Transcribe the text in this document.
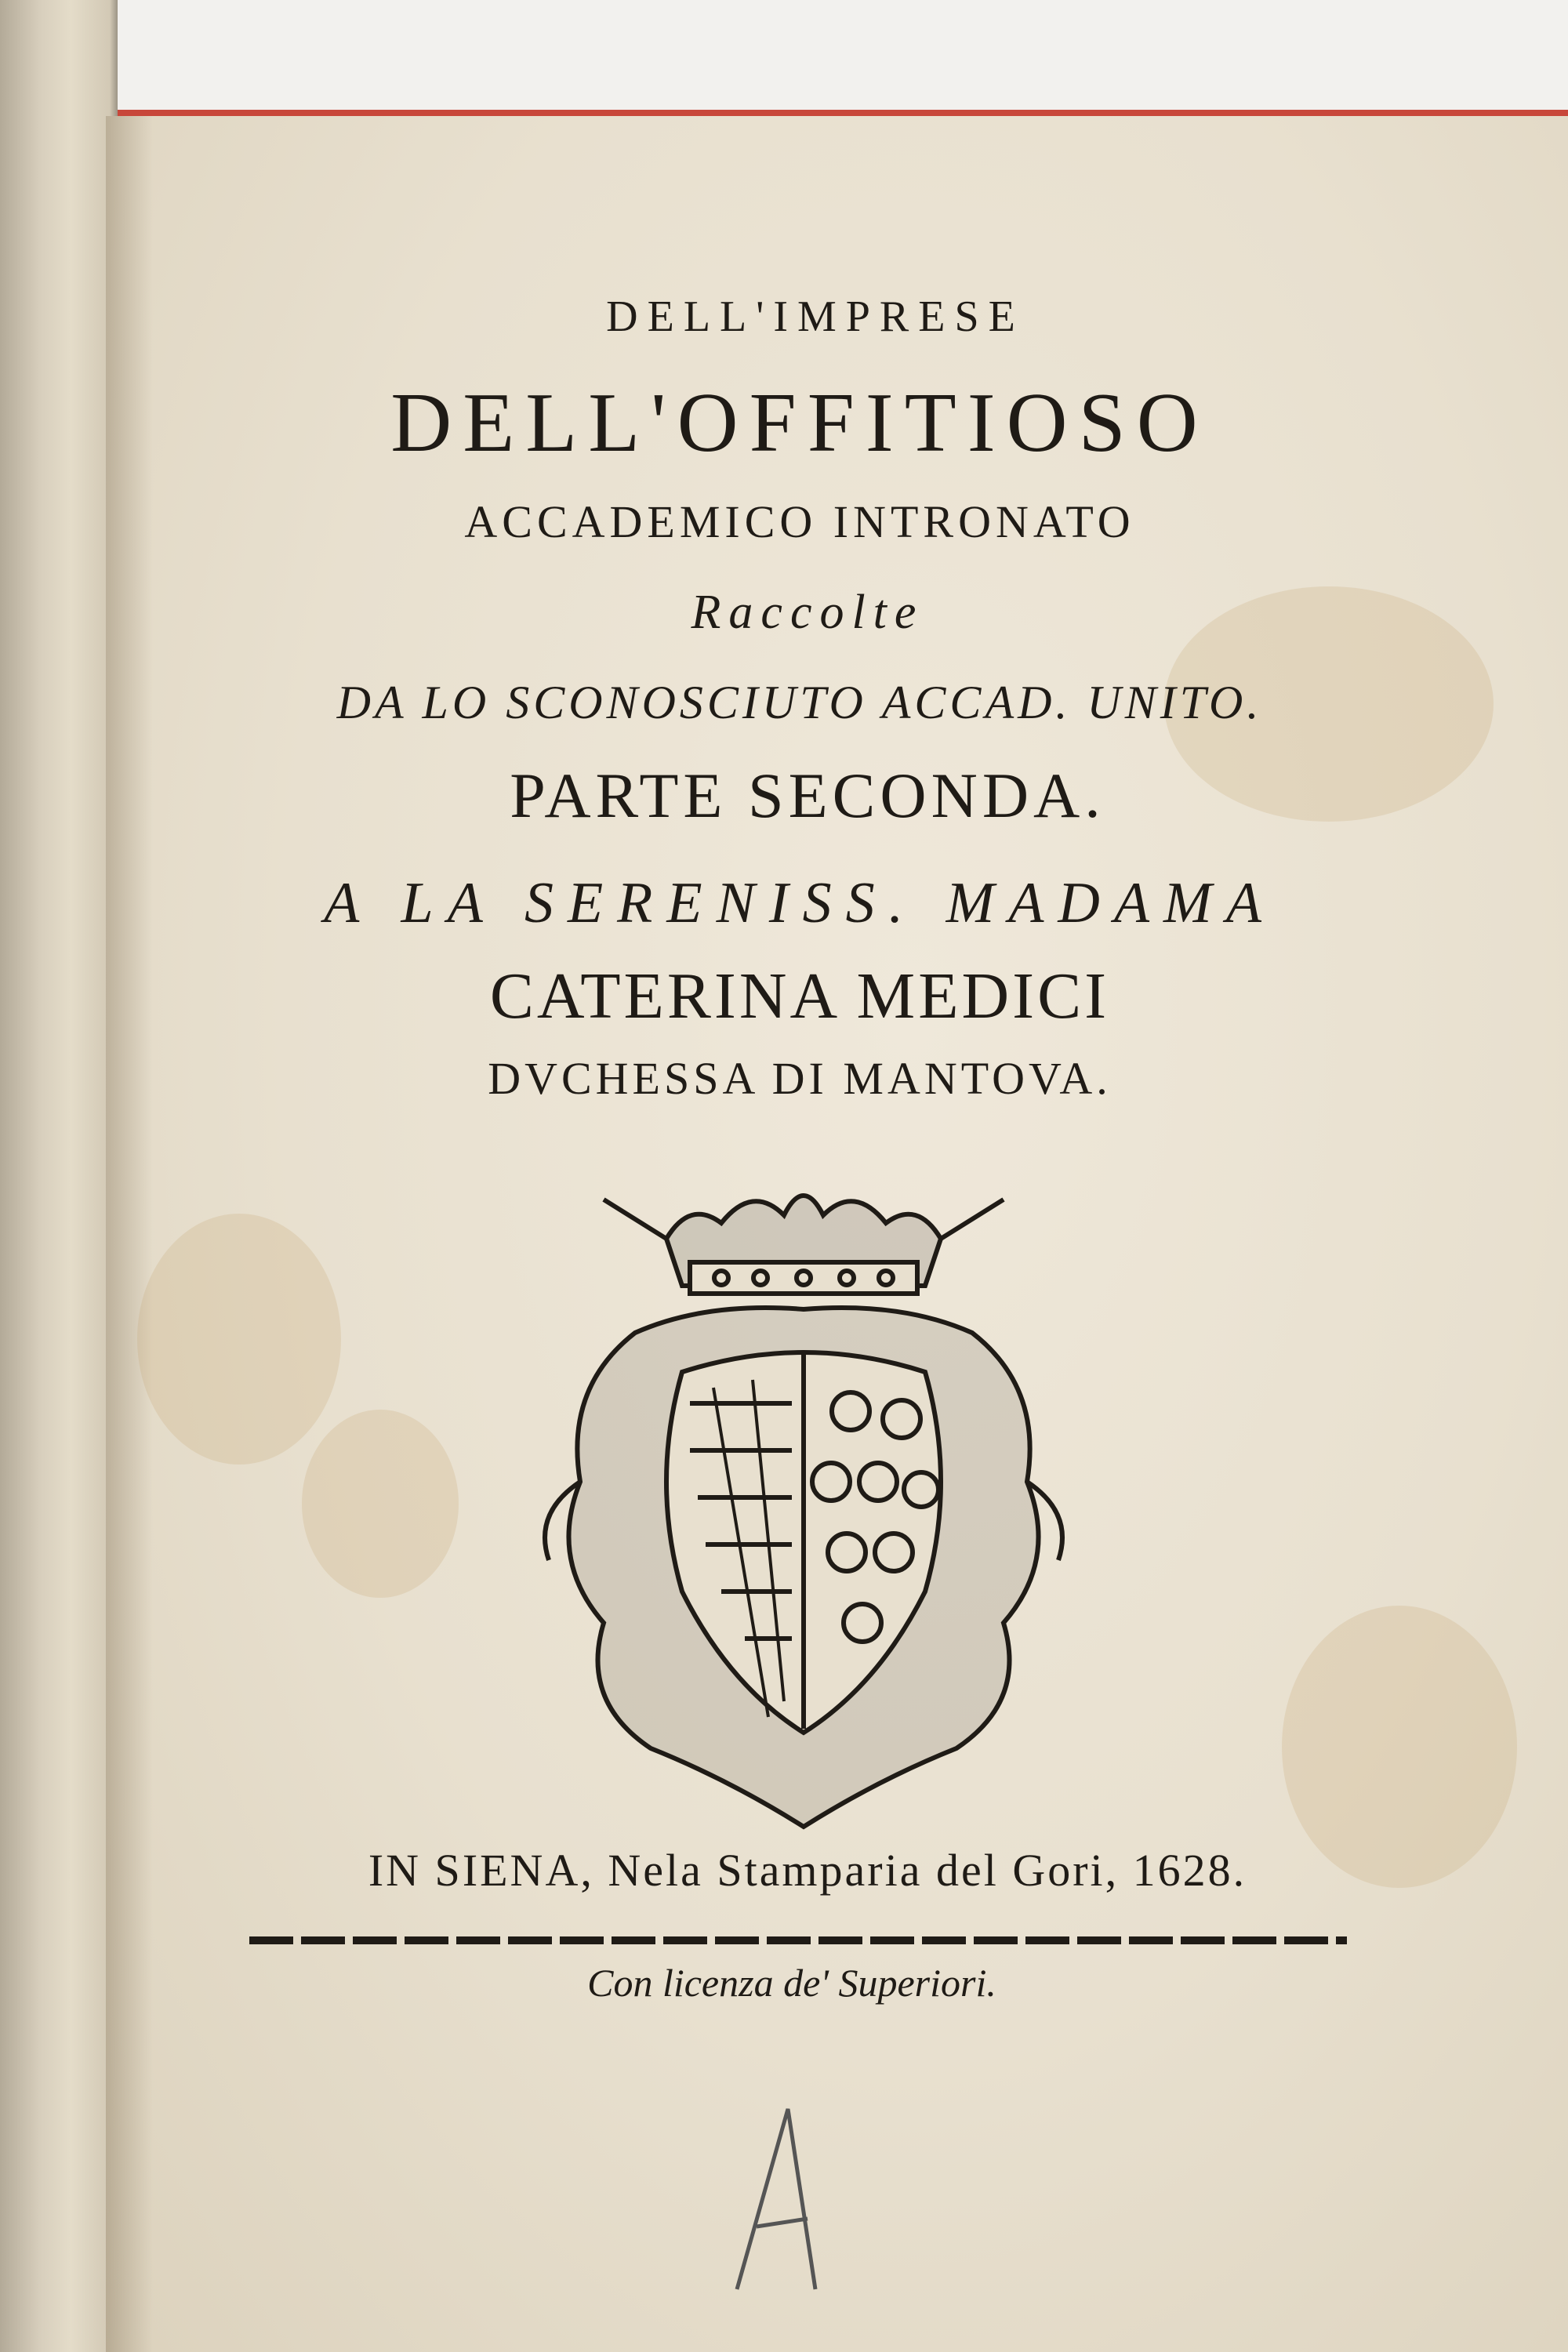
DELL'IMPRESE
DELL'OFFITIOSO
ACCADEMICO INTRONATO
Raccolte
DA LO SCONOSCIUTO ACCAD. UNITO.
PARTE SECONDA.
A LA SERENISS. MADAMA
CATERINA MEDICI
DVCHESSA DI MANTOVA.
IN SIENA, Nela Stamparia del Gori, 1628.
Con licenza de' Superiori.
A
